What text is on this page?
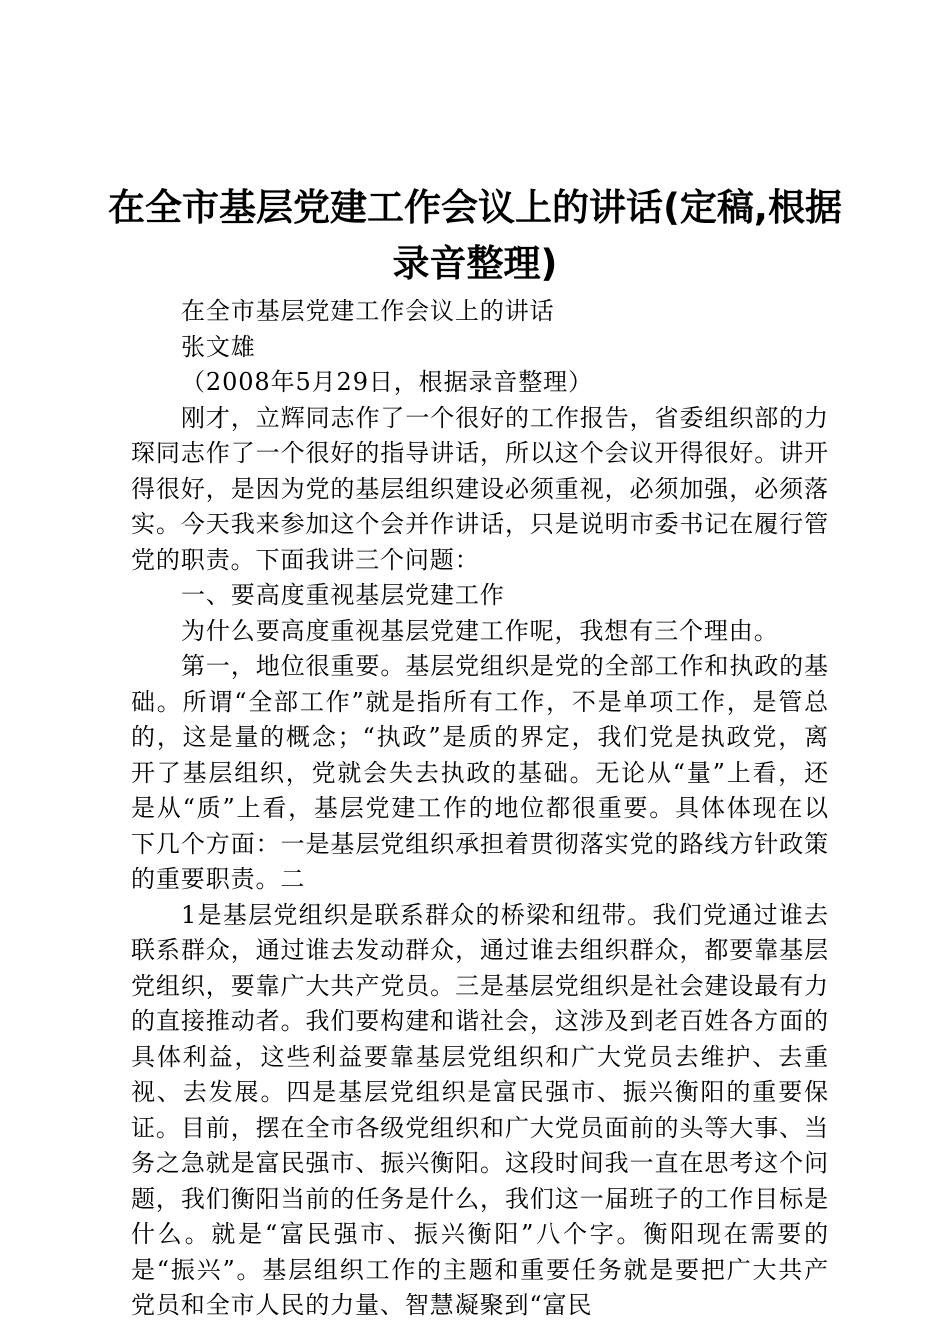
在全市基层党建工作会议上的讲话(定稿,根据
录音整理)

在全市基层党建工作会议上的讲话

张文雄

（2008年5月29日，根据录音整理）

刚才，立辉同志作了一个很好的工作报告，省委组织部的力琛同志作了一个很好的指导讲话，所以这个会议开得很好。讲开得很好，是因为党的基层组织建设必须重视，必须加强，必须落实。今天我来参加这个会并作讲话，只是说明市委书记在履行管党的职责。下面我讲三个问题：

一、要高度重视基层党建工作

为什么要高度重视基层党建工作呢，我想有三个理由。

第一，地位很重要。基层党组织是党的全部工作和执政的基础。所谓“全部工作”就是指所有工作，不是单项工作，是管总的，这是量的概念；“执政”是质的界定，我们党是执政党，离开了基层组织，党就会失去执政的基础。无论从“量”上看，还是从“质”上看，基层党建工作的地位都很重要。具体体现在以下几个方面：一是基层党组织承担着贯彻落实党的路线方针政策的重要职责。二

1是基层党组织是联系群众的桥梁和纽带。我们党通过谁去联系群众，通过谁去发动群众，通过谁去组织群众，都要靠基层党组织，要靠广大共产党员。三是基层党组织是社会建设最有力的直接推动者。我们要构建和谐社会，这涉及到老百姓各方面的具体利益，这些利益要靠基层党组织和广大党员去维护、去重视、去发展。四是基层党组织是富民强市、振兴衡阳的重要保证。目前，摆在全市各级党组织和广大党员面前的头等大事、当务之急就是富民强市、振兴衡阳。这段时间我一直在思考这个问题，我们衡阳当前的任务是什么，我们这一届班子的工作目标是什么。就是“富民强市、振兴衡阳”八个字。衡阳现在需要的是“振兴”。基层组织工作的主题和重要任务就是要把广大共产党员和全市人民的力量、智慧凝聚到“富民
